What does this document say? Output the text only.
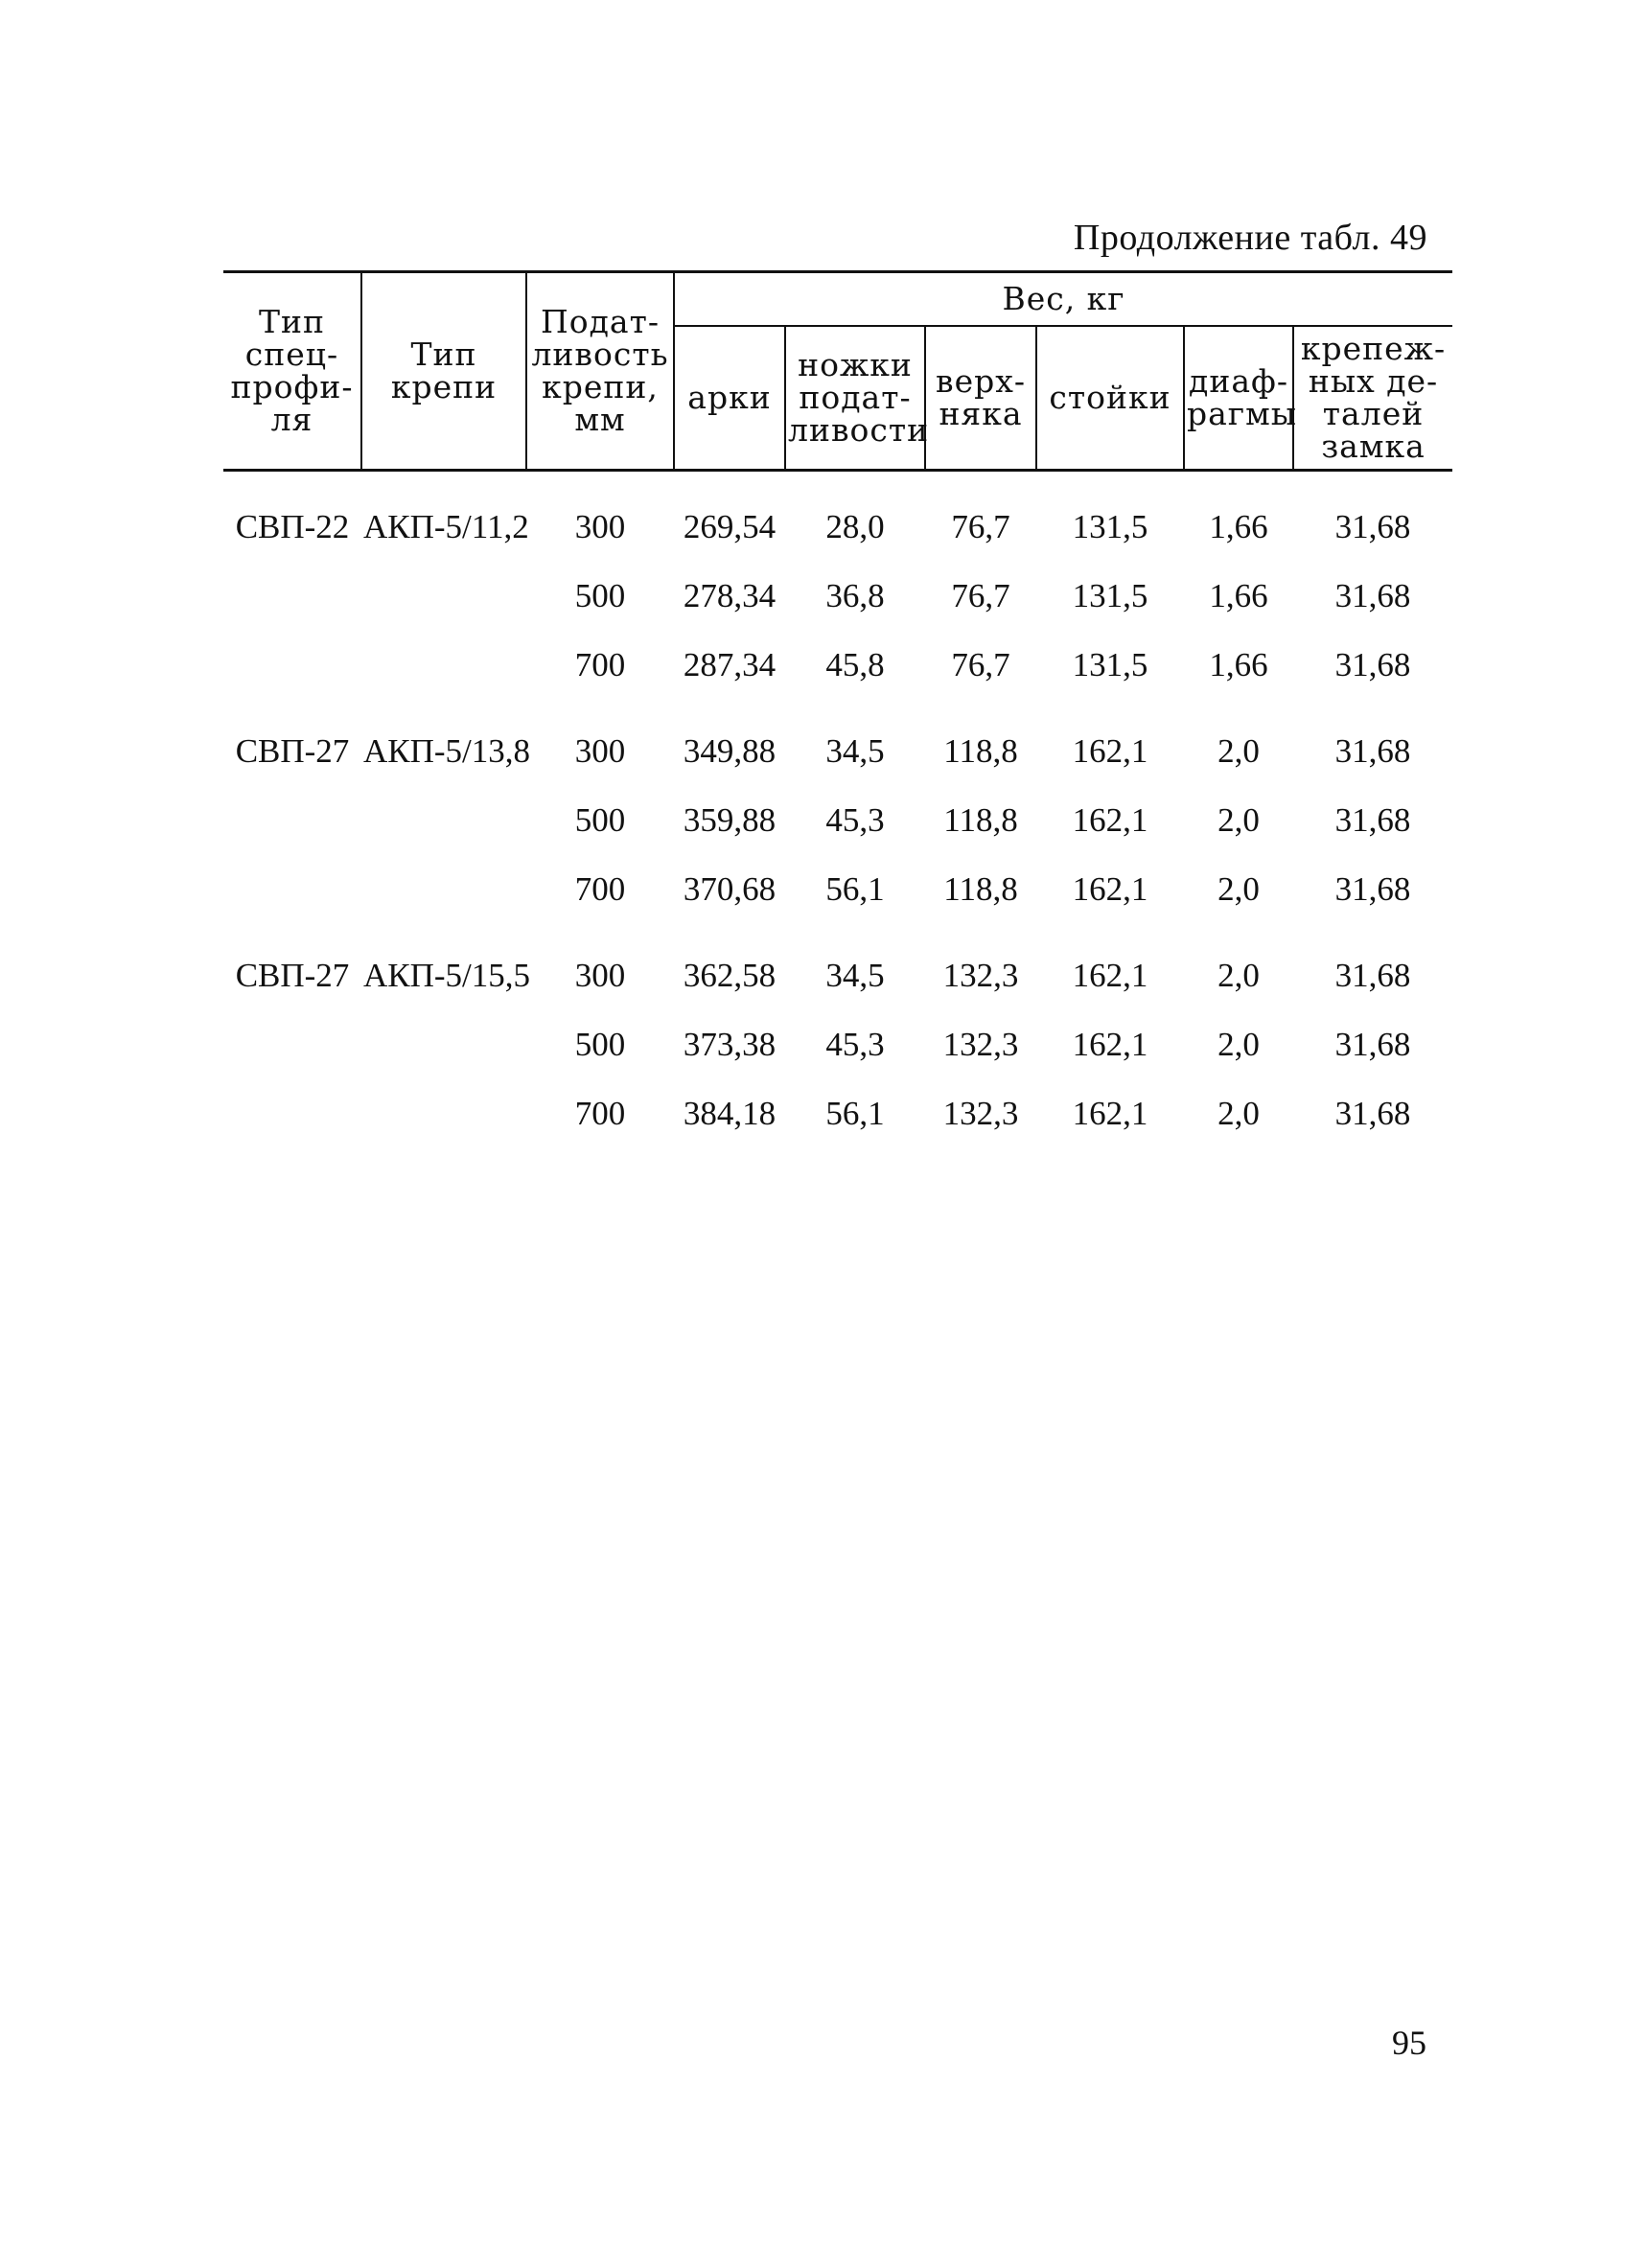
Продолжение табл. 49
Тип спец- профи- ля	Тип крепи	Подат- ливость крепи, мм	Вес, кг					
			арки	ножки подат- ливости	верх- няка	стойки	диаф- рагмы	крепеж- ных де- талей замка
СВП-22	АКП-5/11,2	300	269,54	28,0	76,7	131,5	1,66	31,68
		500	278,34	36,8	76,7	131,5	1,66	31,68
		700	287,34	45,8	76,7	131,5	1,66	31,68
СВП-27	АКП-5/13,8	300	349,88	34,5	118,8	162,1	2,0	31,68
		500	359,88	45,3	118,8	162,1	2,0	31,68
		700	370,68	56,1	118,8	162,1	2,0	31,68
СВП-27	АКП-5/15,5	300	362,58	34,5	132,3	162,1	2,0	31,68
		500	373,38	45,3	132,3	162,1	2,0	31,68
		700	384,18	56,1	132,3	162,1	2,0	31,68
95
